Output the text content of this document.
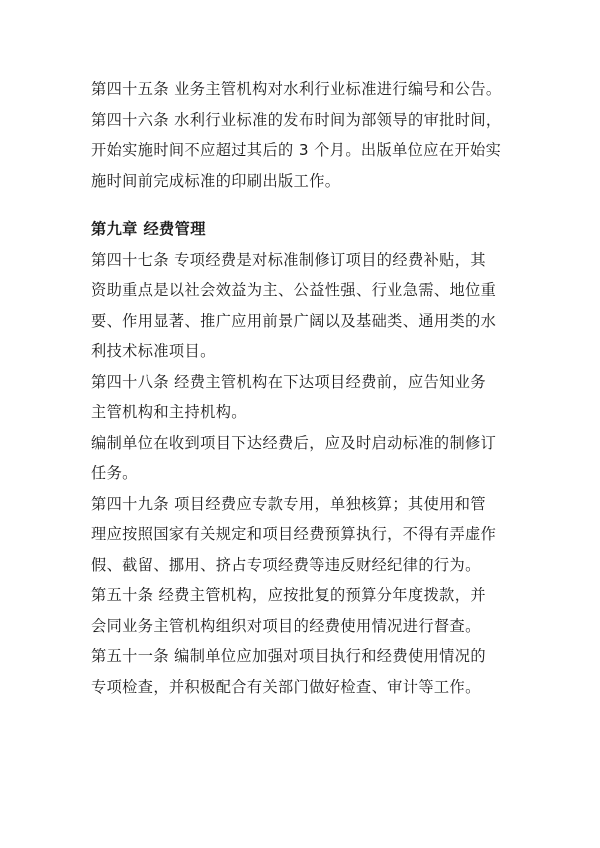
第四十五条 业务主管机构对水利行业标准进行编号和公告。

第四十六条 水利行业标准的发布时间为部领导的审批时间，
开始实施时间不应超过其后的 3 个月。出版单位应在开始实
施时间前完成标准的印刷出版工作。

第九章 经费管理

第四十七条 专项经费是对标准制修订项目的经费补贴，其
资助重点是以社会效益为主、公益性强、行业急需、地位重
要、作用显著、推广应用前景广阔以及基础类、通用类的水
利技术标准项目。

第四十八条 经费主管机构在下达项目经费前，应告知业务
主管机构和主持机构。

编制单位在收到项目下达经费后，应及时启动标准的制修订
任务。

第四十九条 项目经费应专款专用，单独核算；其使用和管
理应按照国家有关规定和项目经费预算执行，不得有弄虚作
假、截留、挪用、挤占专项经费等违反财经纪律的行为。

第五十条 经费主管机构，应按批复的预算分年度拨款，并
会同业务主管机构组织对项目的经费使用情况进行督查。

第五十一条 编制单位应加强对项目执行和经费使用情况的
专项检查，并积极配合有关部门做好检查、审计等工作。
